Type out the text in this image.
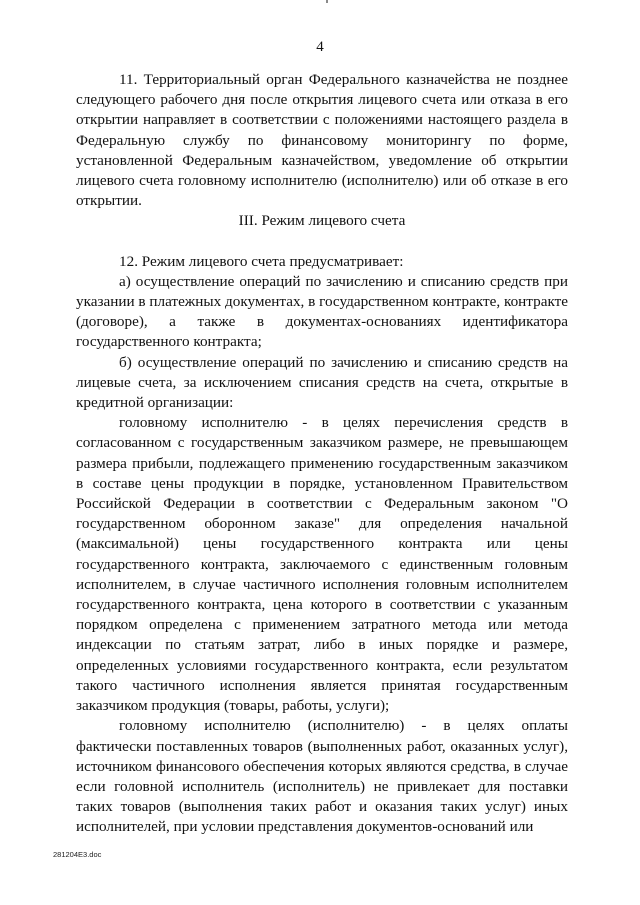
4

11. Территориальный орган Федерального казначейства не позднее следующего рабочего дня после открытия лицевого счета или отказа в его открытии направляет в соответствии с положениями настоящего раздела в Федеральную службу по финансовому мониторингу по форме, установленной Федеральным казначейством, уведомление об открытии лицевого счета головному исполнителю (исполнителю) или об отказе в его открытии.

III. Режим лицевого счета

12. Режим лицевого счета предусматривает:

а) осуществление операций по зачислению и списанию средств при указании в платежных документах, в государственном контракте, контракте (договоре), а также в документах-основаниях идентификатора государственного контракта;

б) осуществление операций по зачислению и списанию средств на лицевые счета, за исключением списания средств на счета, открытые в кредитной организации:

головному исполнителю - в целях перечисления средств в согласованном с государственным заказчиком размере, не превышающем размера прибыли, подлежащего применению государственным заказчиком в составе цены продукции в порядке, установленном Правительством Российской Федерации в соответствии с Федеральным законом "О государственном оборонном заказе" для определения начальной (максимальной) цены государственного контракта или цены государственного контракта, заключаемого с единственным головным исполнителем, в случае частичного исполнения головным исполнителем государственного контракта, цена которого в соответствии с указанным порядком определена с применением затратного метода или метода индексации по статьям затрат, либо в иных порядке и размере, определенных условиями государственного контракта, если результатом такого частичного исполнения является принятая государственным заказчиком продукция (товары, работы, услуги);

головному исполнителю (исполнителю) - в целях оплаты фактически поставленных товаров (выполненных работ, оказанных услуг), источником финансового обеспечения которых являются средства, в случае если головной исполнитель (исполнитель) не привлекает для поставки таких товаров (выполнения таких работ и оказания таких услуг) иных исполнителей, при условии представления документов-оснований или

281204E3.doc
